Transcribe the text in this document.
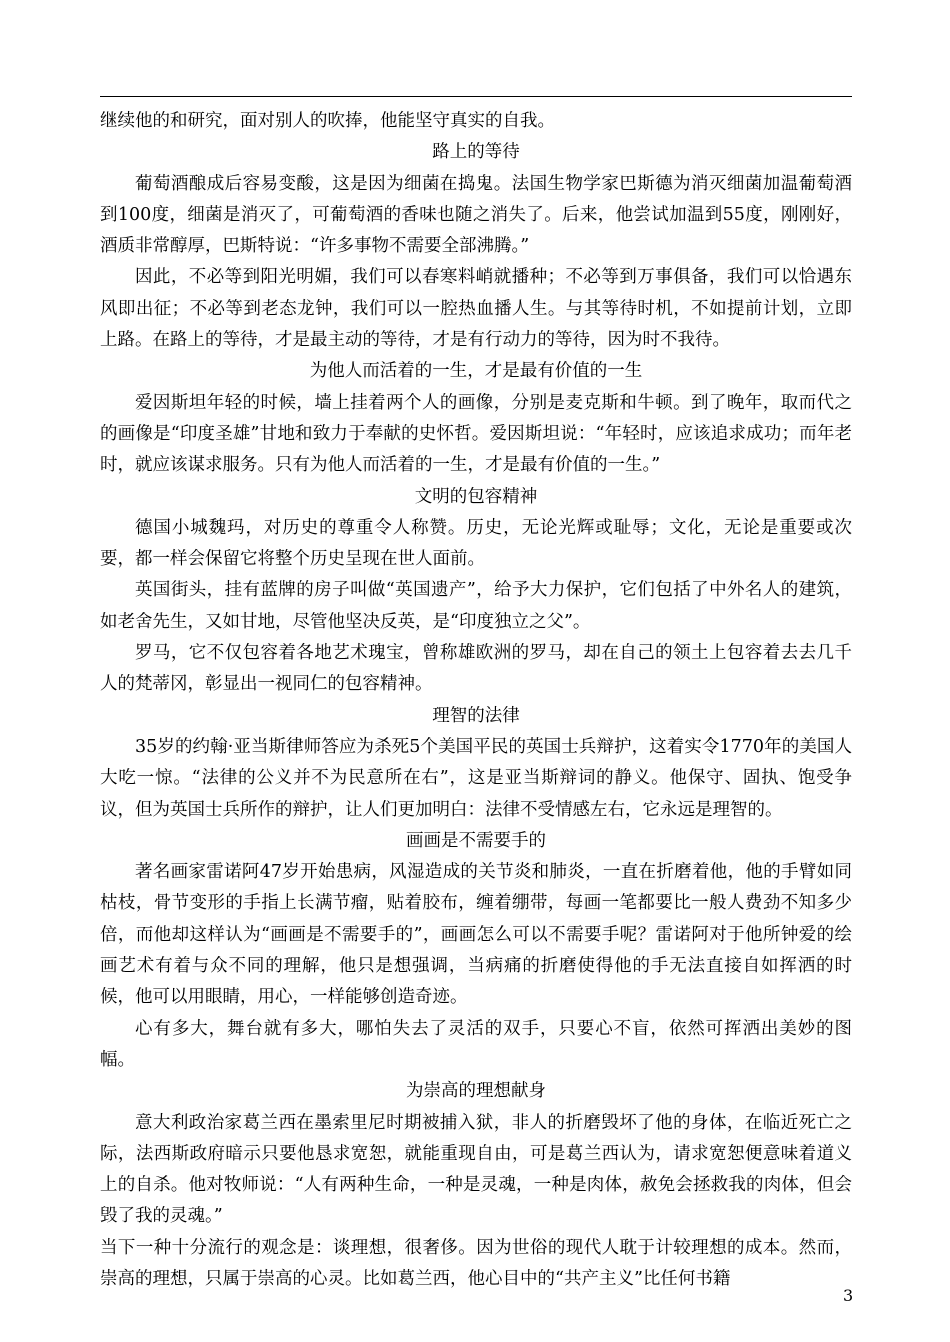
继续他的和研究，面对别人的吹捧，他能坚守真实的自我。

路上的等待

葡萄酒酿成后容易变酸，这是因为细菌在捣鬼。法国生物学家巴斯德为消灭细菌加温葡萄酒到100度，细菌是消灭了，可葡萄酒的香味也随之消失了。后来，他尝试加温到55度，刚刚好，酒质非常醇厚，巴斯特说：“许多事物不需要全部沸腾。”

因此，不必等到阳光明媚，我们可以春寒料峭就播种；不必等到万事俱备，我们可以恰遇东风即出征；不必等到老态龙钟，我们可以一腔热血播人生。与其等待时机，不如提前计划，立即上路。在路上的等待，才是最主动的等待，才是有行动力的等待，因为时不我待。

为他人而活着的一生，才是最有价值的一生

爱因斯坦年轻的时候，墙上挂着两个人的画像，分别是麦克斯和牛顿。到了晚年，取而代之的画像是“印度圣雄”甘地和致力于奉献的史怀哲。爱因斯坦说：“年轻时，应该追求成功；而年老时，就应该谋求服务。只有为他人而活着的一生，才是最有价值的一生。”

文明的包容精神

德国小城魏玛，对历史的尊重令人称赞。历史，无论光辉或耻辱；文化，无论是重要或次要，都一样会保留它将整个历史呈现在世人面前。

英国街头，挂有蓝牌的房子叫做“英国遗产”，给予大力保护，它们包括了中外名人的建筑，如老舍先生，又如甘地，尽管他坚决反英，是“印度独立之父”。

罗马，它不仅包容着各地艺术瑰宝，曾称雄欧洲的罗马，却在自己的领土上包容着去去几千人的梵蒂冈，彰显出一视同仁的包容精神。

理智的法律

35岁的约翰·亚当斯律师答应为杀死5个美国平民的英国士兵辩护，这着实令1770年的美国人大吃一惊。“法律的公义并不为民意所在右”，这是亚当斯辩词的静义。他保守、固执、饱受争议，但为英国士兵所作的辩护，让人们更加明白：法律不受情感左右，它永远是理智的。

画画是不需要手的

著名画家雷诺阿47岁开始患病，风湿造成的关节炎和肺炎，一直在折磨着他，他的手臂如同枯枝，骨节变形的手指上长满节瘤，贴着胶布，缠着绷带，每画一笔都要比一般人费劲不知多少倍，而他却这样认为“画画是不需要手的”，画画怎么可以不需要手呢？雷诺阿对于他所钟爱的绘画艺术有着与众不同的理解，他只是想强调，当病痛的折磨使得他的手无法直接自如挥洒的时候，他可以用眼睛，用心，一样能够创造奇迹。

心有多大，舞台就有多大，哪怕失去了灵活的双手，只要心不盲，依然可挥洒出美妙的图幅。

为崇高的理想献身

意大利政治家葛兰西在墨索里尼时期被捕入狱，非人的折磨毁坏了他的身体，在临近死亡之际，法西斯政府暗示只要他恳求宽恕，就能重现自由，可是葛兰西认为，请求宽恕便意味着道义上的自杀。他对牧师说：“人有两种生命，一种是灵魂，一种是肉体，赦免会拯救我的肉体，但会毁了我的灵魂。”

当下一种十分流行的观念是：谈理想，很奢侈。因为世俗的现代人耽于计较理想的成本。然而，崇高的理想，只属于崇高的心灵。比如葛兰西，他心目中的“共产主义”比任何书籍

3
